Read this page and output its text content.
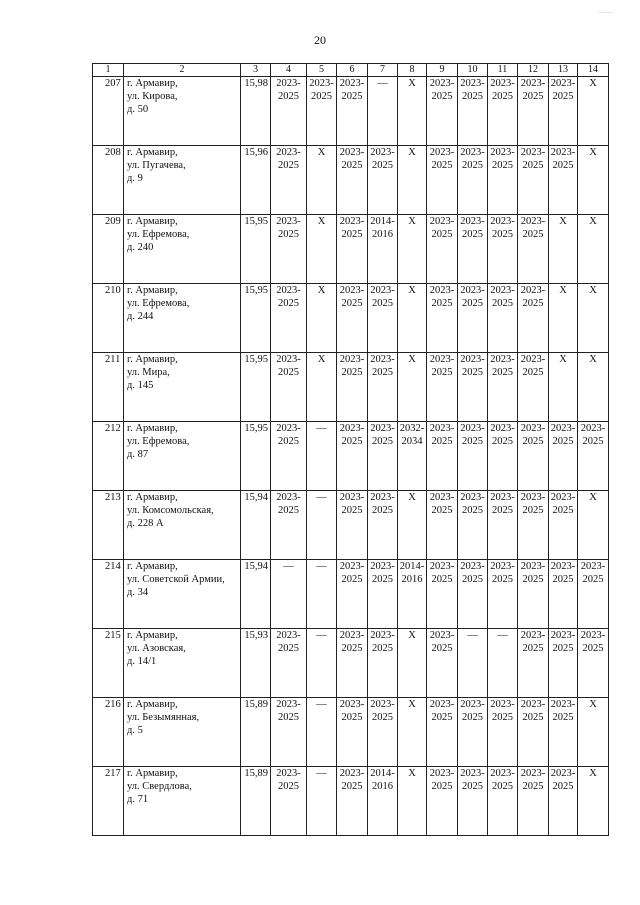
-----
20
1	2	3	4	5	6	7	8	9	10	11	12	13	14
207	г. Армавир,
ул. Кирова,
д. 50	15,98	2023-
2025	2023-
2025	2023-
2025	—	Х	2023-
2025	2023-
2025	2023-
2025	2023-
2025	2023-
2025	Х
208	г. Армавир,
ул. Пугачева,
д. 9	15,96	2023-
2025	Х	2023-
2025	2023-
2025	Х	2023-
2025	2023-
2025	2023-
2025	2023-
2025	2023-
2025	Х
209	г. Армавир,
ул. Ефремова,
д. 240	15,95	2023-
2025	Х	2023-
2025	2014-
2016	Х	2023-
2025	2023-
2025	2023-
2025	2023-
2025	Х	Х
210	г. Армавир,
ул. Ефремова,
д. 244	15,95	2023-
2025	Х	2023-
2025	2023-
2025	Х	2023-
2025	2023-
2025	2023-
2025	2023-
2025	Х	Х
211	г. Армавир,
ул. Мира,
д. 145	15,95	2023-
2025	Х	2023-
2025	2023-
2025	Х	2023-
2025	2023-
2025	2023-
2025	2023-
2025	Х	Х
212	г. Армавир,
ул. Ефремова,
д. 87	15,95	2023-
2025	—	2023-
2025	2023-
2025	2032-
2034	2023-
2025	2023-
2025	2023-
2025	2023-
2025	2023-
2025	2023-
2025
213	г. Армавир,
ул. Комсомольская,
д. 228 А	15,94	2023-
2025	—	2023-
2025	2023-
2025	Х	2023-
2025	2023-
2025	2023-
2025	2023-
2025	2023-
2025	Х
214	г. Армавир,
ул. Советской Армии,
д. 34	15,94	—	—	2023-
2025	2023-
2025	2014-
2016	2023-
2025	2023-
2025	2023-
2025	2023-
2025	2023-
2025	2023-
2025
215	г. Армавир,
ул. Азовская,
д. 14/1	15,93	2023-
2025	—	2023-
2025	2023-
2025	Х	2023-
2025	—	—	2023-
2025	2023-
2025	2023-
2025
216	г. Армавир,
ул. Безымянная,
д. 5	15,89	2023-
2025	—	2023-
2025	2023-
2025	Х	2023-
2025	2023-
2025	2023-
2025	2023-
2025	2023-
2025	Х
217	г. Армавир,
ул. Свердлова,
д. 71	15,89	2023-
2025	—	2023-
2025	2014-
2016	Х	2023-
2025	2023-
2025	2023-
2025	2023-
2025	2023-
2025	Х
